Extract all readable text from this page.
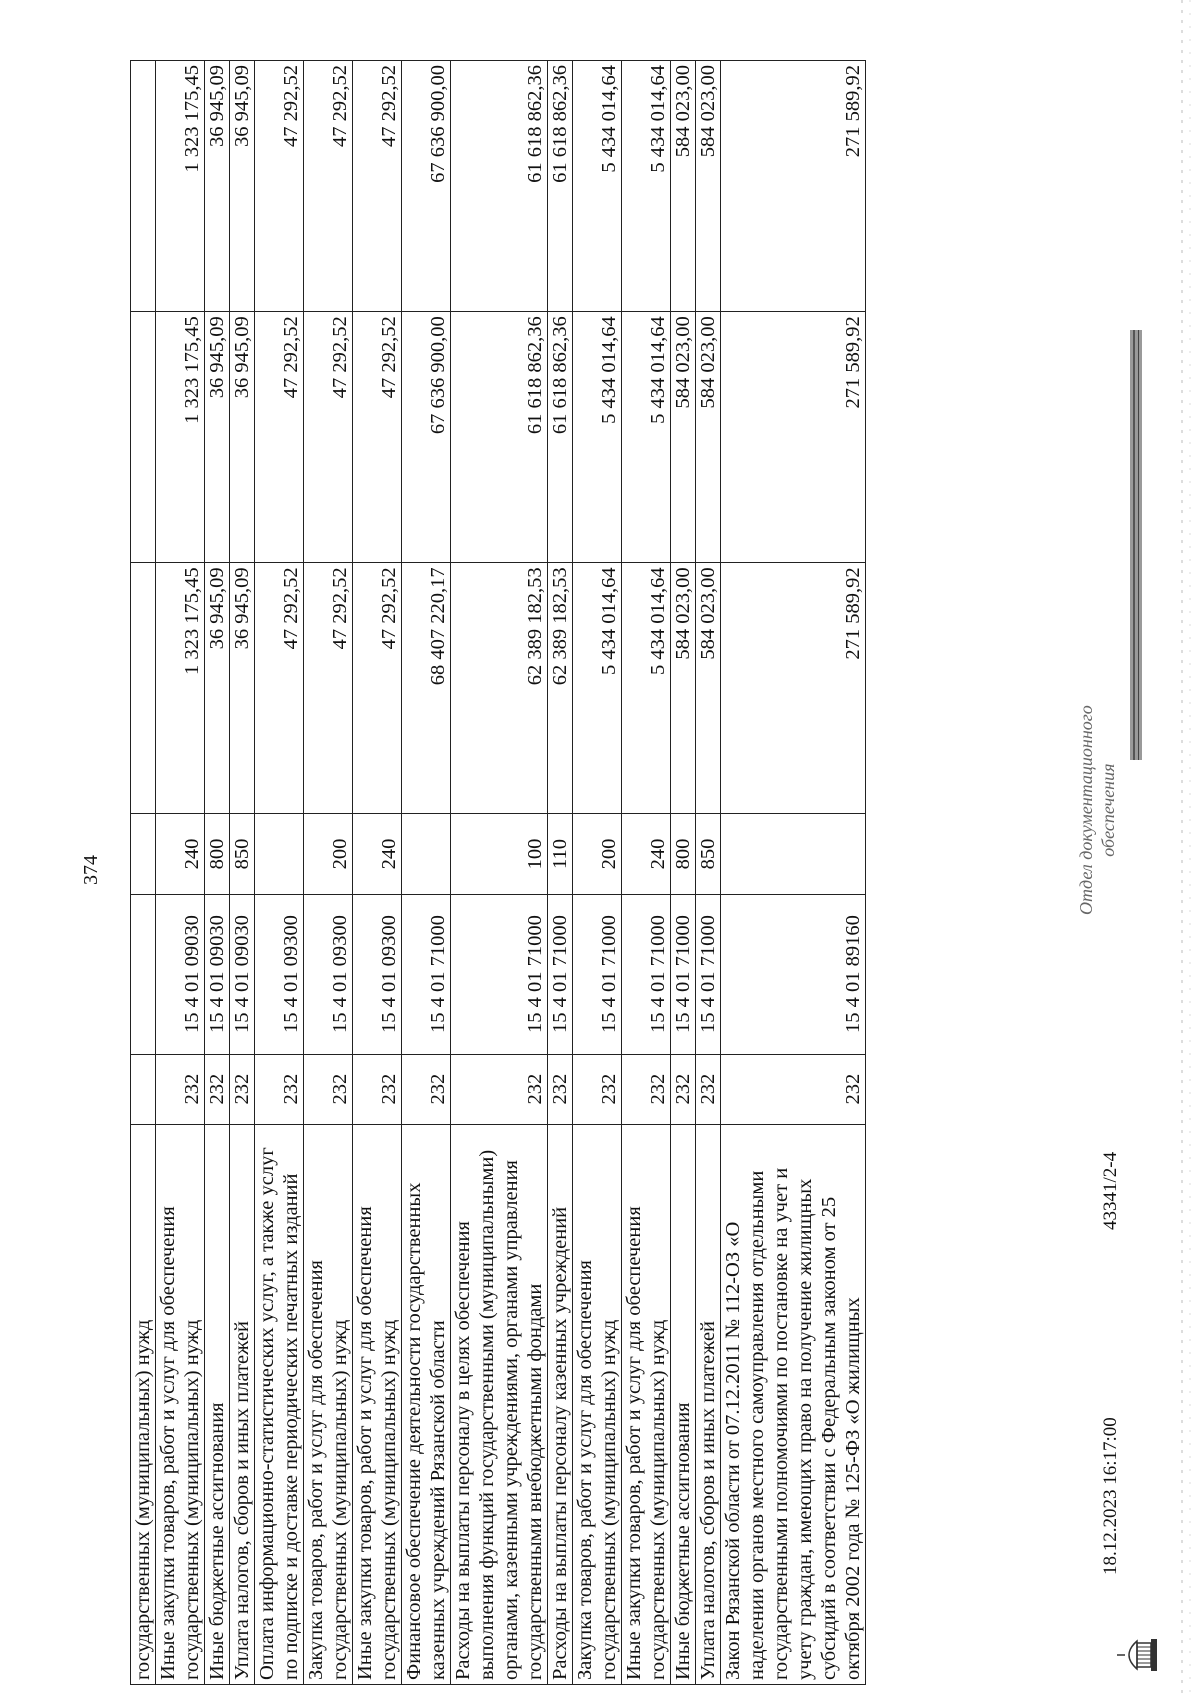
374
государственных (муниципальных) нужд						
Иные закупки товаров, работ и услуг для обеспечения государственных (муниципальных) нужд	232	15 4 01 09030	240	1 323 175,45	1 323 175,45	1 323 175,45
Иные бюджетные ассигнования	232	15 4 01 09030	800	36 945,09	36 945,09	36 945,09
Уплата налогов, сборов и иных платежей	232	15 4 01 09030	850	36 945,09	36 945,09	36 945,09
Оплата информационно-статистических услуг, а также услуг по подписке и доставке периодических печатных изданий	232	15 4 01 09300		47 292,52	47 292,52	47 292,52
Закупка товаров, работ и услуг для обеспечения государственных (муниципальных) нужд	232	15 4 01 09300	200	47 292,52	47 292,52	47 292,52
Иные закупки товаров, работ и услуг для обеспечения государственных (муниципальных) нужд	232	15 4 01 09300	240	47 292,52	47 292,52	47 292,52
Финансовое обеспечение деятельности государственных казенных учреждений Рязанской области	232	15 4 01 71000		68 407 220,17	67 636 900,00	67 636 900,00
Расходы на выплаты персоналу в целях обеспечения выполнения функций государственными (муниципальными) органами, казенными учреждениями, органами управления государственными внебюджетными фондами	232	15 4 01 71000	100	62 389 182,53	61 618 862,36	61 618 862,36
Расходы на выплаты персоналу казенных учреждений	232	15 4 01 71000	110	62 389 182,53	61 618 862,36	61 618 862,36
Закупка товаров, работ и услуг для обеспечения государственных (муниципальных) нужд	232	15 4 01 71000	200	5 434 014,64	5 434 014,64	5 434 014,64
Иные закупки товаров, работ и услуг для обеспечения государственных (муниципальных) нужд	232	15 4 01 71000	240	5 434 014,64	5 434 014,64	5 434 014,64
Иные бюджетные ассигнования	232	15 4 01 71000	800	584 023,00	584 023,00	584 023,00
Уплата налогов, сборов и иных платежей	232	15 4 01 71000	850	584 023,00	584 023,00	584 023,00
Закон Рязанской области от 07.12.2011 № 112-ОЗ «О наделении органов местного самоуправления отдельными государственными полномочиями по постановке на учет и учету граждан, имеющих право на получение жилищных субсидий в соответствии с Федеральным законом от 25 октября 2002 года № 125-ФЗ «О жилищных	232	15 4 01 89160		271 589,92	271 589,92	271 589,92
18.12.2023 16:17:00
43341/2-4
Отдел документационного обеспечения
